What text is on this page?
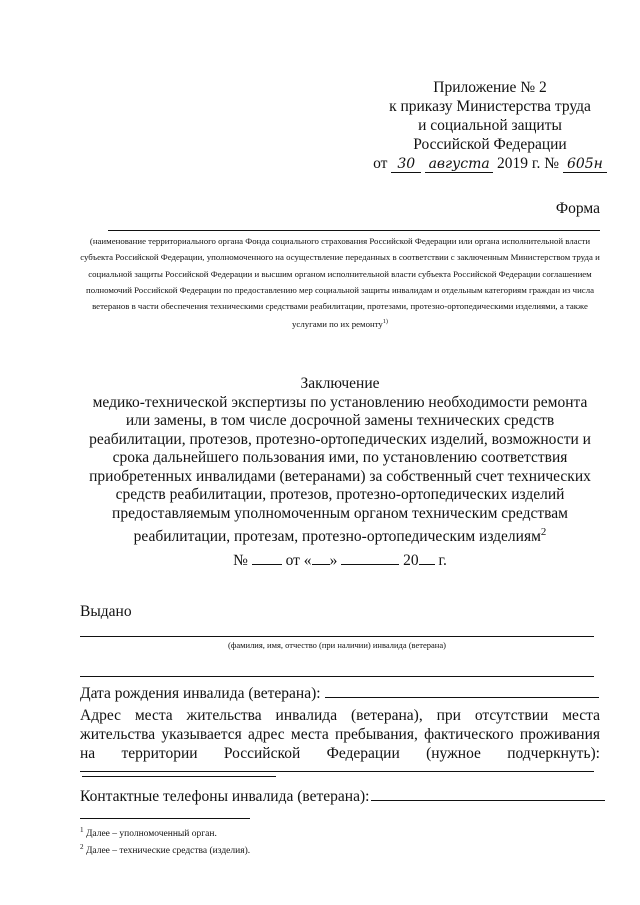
Приложение № 2
к приказу Министерства труда
и социальной защиты
Российской Федерации
от 30 августа 2019 г. № 605н
Форма
(наименование территориального органа Фонда социального страхования Российской Федерации или органа исполнительной власти субъекта Российской Федерации, уполномоченного на осуществление переданных в соответствии с заключенным Министерством труда и социальной защиты Российской Федерации и высшим органом исполнительной власти субъекта Российской Федерации соглашением полномочий Российской Федерации по предоставлению мер социальной защиты инвалидам и отдельным категориям граждан из числа ветеранов в части обеспечения техническими средствами реабилитации, протезами, протезно-ортопедическими изделиями, а также услугами по их ремонту$^{1)}$
Заключение
медико-технической экспертизы по установлению необходимости ремонта или замены, в том числе досрочной замены технических средств реабилитации, протезов, протезно-ортопедических изделий, возможности и срока дальнейшего пользования ими, по установлению соответствия приобретенных инвалидами (ветеранами) за собственный счет технических средств реабилитации, протезов, протезно-ортопедических изделий предоставляемым уполномоченным органом техническим средствам реабилитации, протезам, протезно-ортопедическим изделиям$^2$
№ от « »	20 г.
Выдано
(фамилия, имя, отчество (при наличии) инвалида (ветерана)
Дата рождения инвалида (ветерана):
Адрес места жительства инвалида (ветерана), при отсутствии места жительства указывается адрес места пребывания, фактического проживания на территории Российской Федерации (нужное подчеркнуть):
Контактные телефоны инвалида (ветерана):
$^1$ Далее – уполномоченный орган.
$^2$ Далее – технические средства (изделия).
